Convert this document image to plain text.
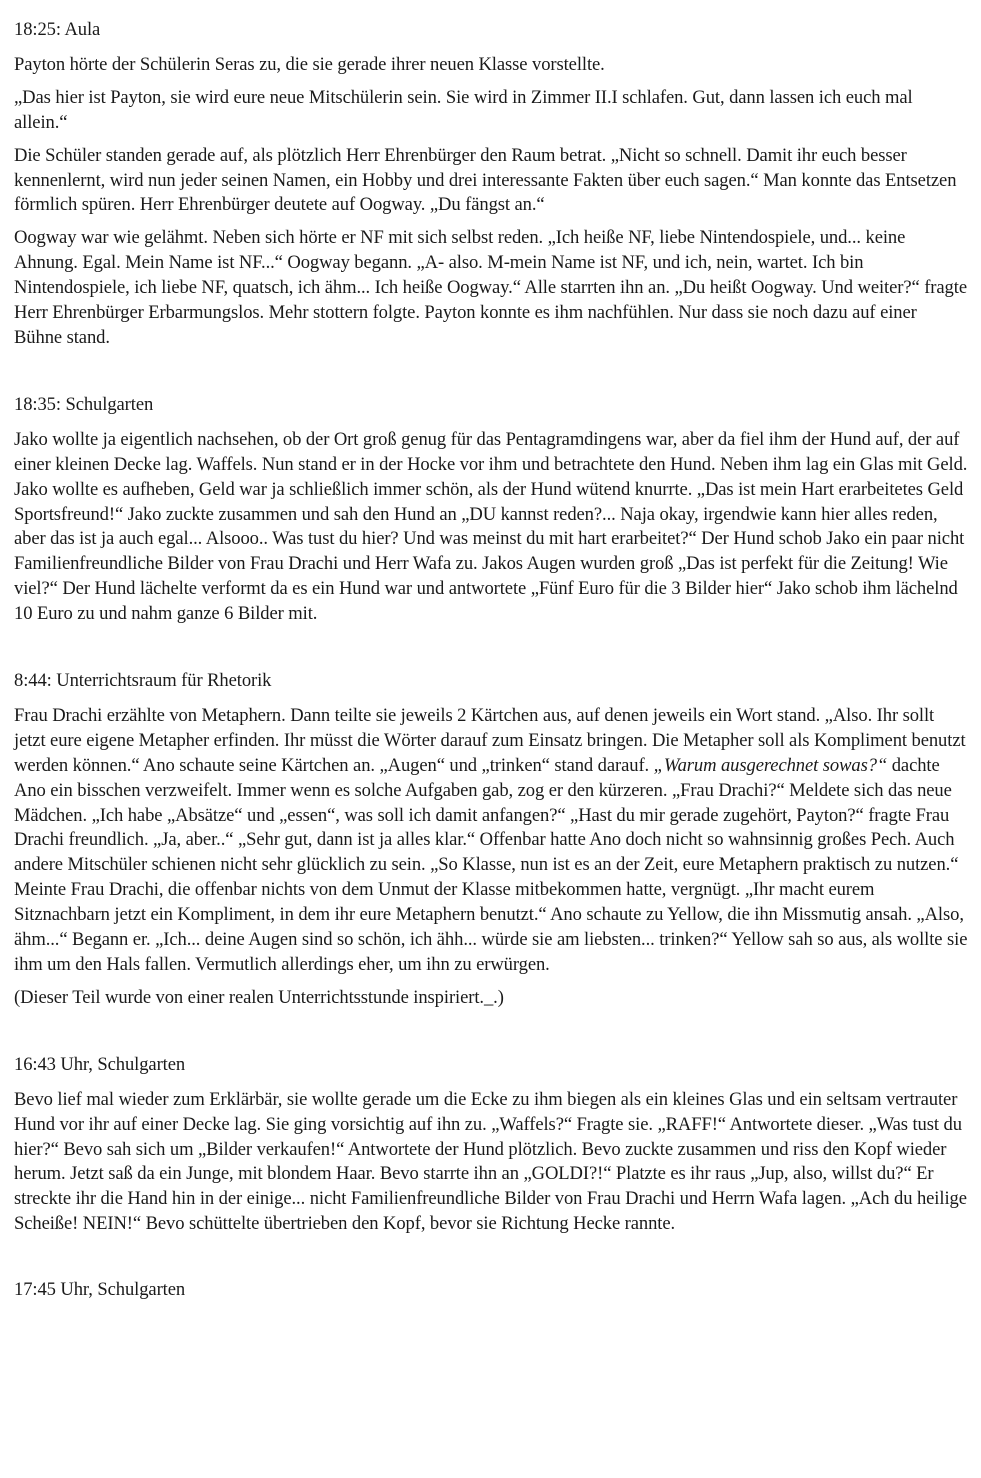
18:25: Aula

Payton hörte der Schülerin Seras zu, die sie gerade ihrer neuen Klasse vorstellte.

„Das hier ist Payton, sie wird eure neue Mitschülerin sein. Sie wird in Zimmer II.I schlafen. Gut, dann lassen ich euch mal allein.“

Die Schüler standen gerade auf, als plötzlich Herr Ehrenbürger den Raum betrat. „Nicht so schnell. Damit ihr euch besser kennenlernt, wird nun jeder seinen Namen, ein Hobby und drei interessante Fakten über euch sagen.“ Man konnte das Entsetzen förmlich spüren. Herr Ehrenbürger deutete auf Oogway. „Du fängst an.“

Oogway war wie gelähmt. Neben sich hörte er NF mit sich selbst reden. „Ich heiße NF, liebe Nintendospiele, und... keine Ahnung. Egal. Mein Name ist NF...“ Oogway begann. „A- also. M-mein Name ist NF, und ich, nein, wartet. Ich bin Nintendospiele, ich liebe NF, quatsch, ich ähm... Ich heiße Oogway.“ Alle starrten ihn an. „Du heißt Oogway. Und weiter?“ fragte Herr Ehrenbürger Erbarmungslos. Mehr stottern folgte. Payton konnte es ihm nachfühlen. Nur dass sie noch dazu auf einer Bühne stand.

18:35: Schulgarten

Jako wollte ja eigentlich nachsehen, ob der Ort groß genug für das Pentagramdingens war, aber da fiel ihm der Hund auf, der auf einer kleinen Decke lag. Waffels. Nun stand er in der Hocke vor ihm und betrachtete den Hund. Neben ihm lag ein Glas mit Geld. Jako wollte es aufheben, Geld war ja schließlich immer schön, als der Hund wütend knurrte. „Das ist mein Hart erarbeitetes Geld Sportsfreund!“ Jako zuckte zusammen und sah den Hund an „DU kannst reden?... Naja okay, irgendwie kann hier alles reden, aber das ist ja auch egal... Alsooo.. Was tust du hier? Und was meinst du mit hart erarbeitet?“ Der Hund schob Jako ein paar nicht Familienfreundliche Bilder von Frau Drachi und Herr Wafa zu. Jakos Augen wurden groß „Das ist perfekt für die Zeitung! Wie viel?“ Der Hund lächelte verformt da es ein Hund war und antwortete „Fünf Euro für die 3 Bilder hier“ Jako schob ihm lächelnd 10 Euro zu und nahm ganze 6 Bilder mit.

8:44: Unterrichtsraum für Rhetorik

Frau Drachi erzählte von Metaphern. Dann teilte sie jeweils 2 Kärtchen aus, auf denen jeweils ein Wort stand. „Also. Ihr sollt jetzt eure eigene Metapher erfinden. Ihr müsst die Wörter darauf zum Einsatz bringen. Die Metapher soll als Kompliment benutzt werden können.“ Ano schaute seine Kärtchen an. „Augen“ und „trinken“ stand darauf. „Warum ausgerechnet sowas?“ dachte Ano ein bisschen verzweifelt. Immer wenn es solche Aufgaben gab, zog er den kürzeren. „Frau Drachi?“ Meldete sich das neue Mädchen. „Ich habe „Absätze“ und „essen“, was soll ich damit anfangen?“ „Hast du mir gerade zugehört, Payton?“ fragte Frau Drachi freundlich. „Ja, aber..“ „Sehr gut, dann ist ja alles klar.“ Offenbar hatte Ano doch nicht so wahnsinnig großes Pech. Auch andere Mitschüler schienen nicht sehr glücklich zu sein. „So Klasse, nun ist es an der Zeit, eure Metaphern praktisch zu nutzen.“ Meinte Frau Drachi, die offenbar nichts von dem Unmut der Klasse mitbekommen hatte, vergnügt. „Ihr macht eurem Sitznachbarn jetzt ein Kompliment, in dem ihr eure Metaphern benutzt.“ Ano schaute zu Yellow, die ihn Missmutig ansah. „Also, ähm...“ Begann er. „Ich... deine Augen sind so schön, ich ähh... würde sie am liebsten... trinken?“ Yellow sah so aus, als wollte sie ihm um den Hals fallen. Vermutlich allerdings eher, um ihn zu erwürgen.

(Dieser Teil wurde von einer realen Unterrichtsstunde inspiriert._.)

16:43 Uhr, Schulgarten

Bevo lief mal wieder zum Erklärbär, sie wollte gerade um die Ecke zu ihm biegen als ein kleines Glas und ein seltsam vertrauter Hund vor ihr auf einer Decke lag. Sie ging vorsichtig auf ihn zu. „Waffels?“ Fragte sie. „RAFF!“ Antwortete dieser. „Was tust du hier?“ Bevo sah sich um „Bilder verkaufen!“ Antwortete der Hund plötzlich. Bevo zuckte zusammen und riss den Kopf wieder herum. Jetzt saß da ein Junge, mit blondem Haar. Bevo starrte ihn an „GOLDI?!“ Platzte es ihr raus „Jup, also, willst du?“ Er streckte ihr die Hand hin in der einige... nicht Familienfreundliche Bilder von Frau Drachi und Herrn Wafa lagen. „Ach du heilige Scheiße! NEIN!“ Bevo schüttelte übertrieben den Kopf, bevor sie Richtung Hecke rannte.

17:45 Uhr, Schulgarten
